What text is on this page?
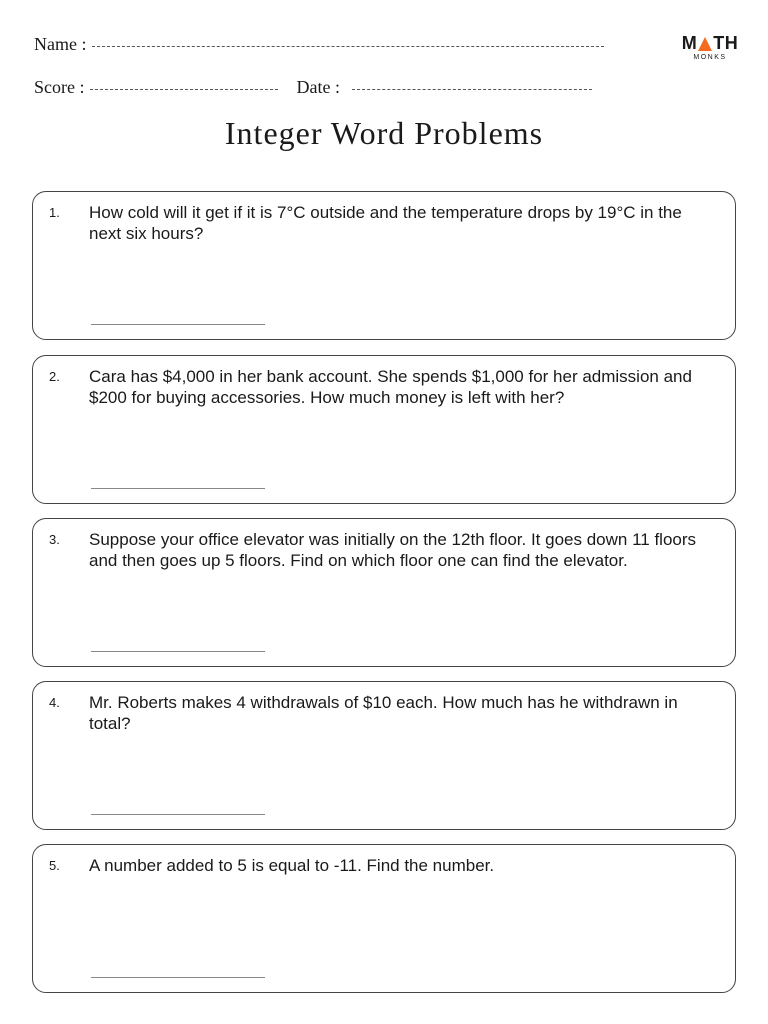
Name :
Score :	Date :
M TH
MONKS
Integer Word Problems
1. How cold will it get if it is 7°C outside and the temperature drops by 19°C in the next six hours?
2. Cara has $4,000 in her bank account. She spends $1,000 for her admission and $200 for buying accessories. How much money is left with her?
3. Suppose your office elevator was initially on the 12th floor. It goes down 11 floors and then goes up 5 floors. Find on which floor one can find the elevator.
4. Mr. Roberts makes 4 withdrawals of $10 each. How much has he withdrawn in total?
5. A number added to 5 is equal to -11. Find the number.
